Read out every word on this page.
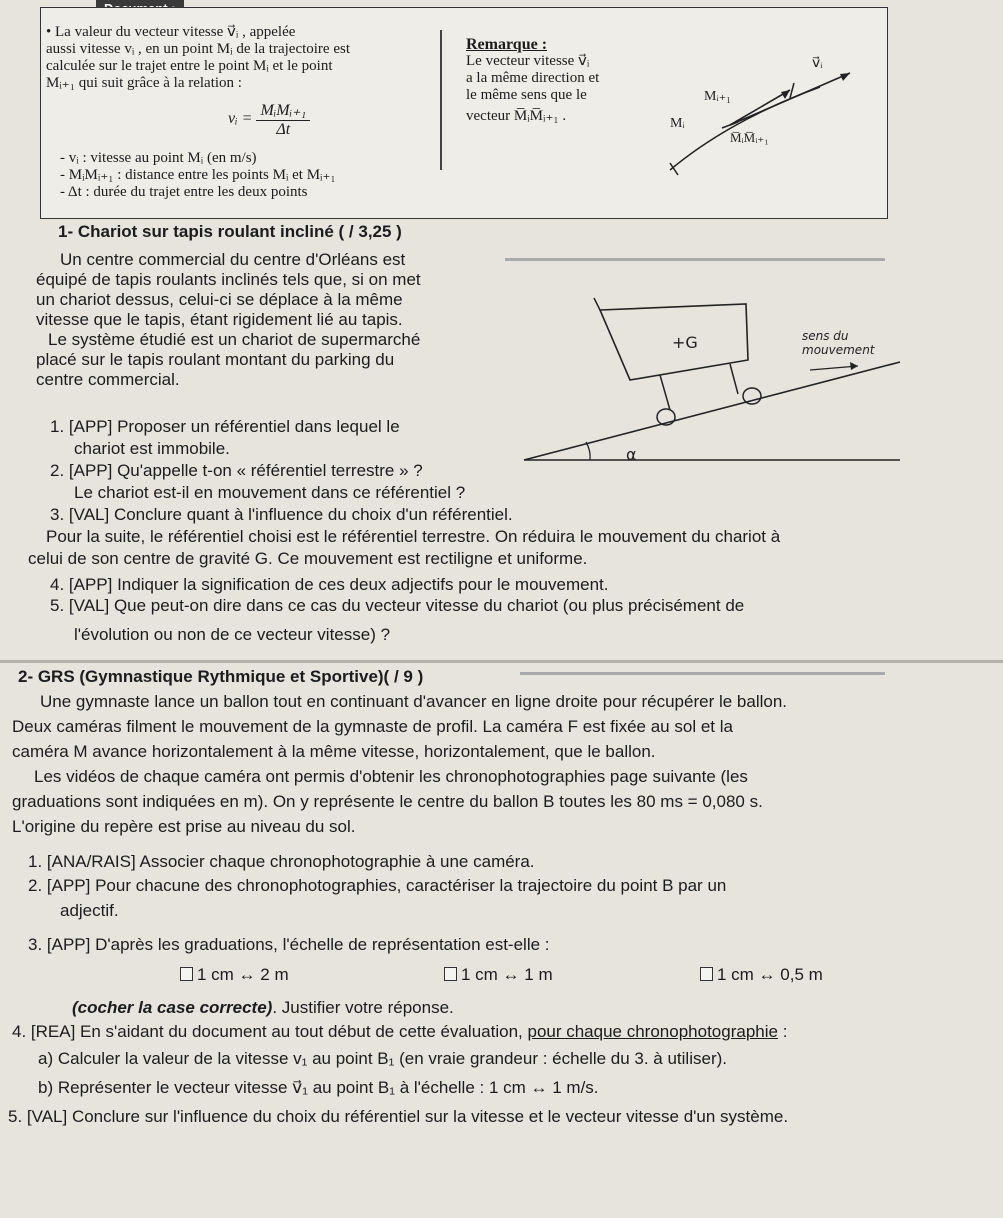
• La valeur du vecteur vitesse v⃗ᵢ , appelée
aussi vitesse vᵢ , en un point Mᵢ de la trajectoire est
calculée sur le trajet entre le point Mᵢ et le point
Mᵢ₊₁ qui suit grâce à la relation :
vᵢ = $\frac{\text{MᵢMᵢ₊₁}}{\Delta t}$
- vᵢ : vitesse au point Mᵢ (en m/s)
- MᵢMᵢ₊₁ : distance entre les points Mᵢ et Mᵢ₊₁
- Δt : durée du trajet entre les deux points
Remarque :
Le vecteur vitesse v⃗ᵢ
a la même direction et
le même sens que le
vecteur M̅ᵢM̅ᵢ₊₁ .
v⃗ᵢ
Mᵢ₊₁
Mᵢ
M̅ᵢM̅ᵢ₊₁
1- Chariot sur tapis roulant incliné ( / 3,25 )
Un centre commercial du centre d'Orléans est
équipé de tapis roulants inclinés tels que, si on met
un chariot dessus, celui-ci se déplace à la même
vitesse que le tapis, étant rigidement lié au tapis.
Le système étudié est un chariot de supermarché
placé sur le tapis roulant montant du parking du
centre commercial.
1. [APP] Proposer un référentiel dans lequel le
chariot est immobile.
2. [APP] Qu'appelle t-on « référentiel terrestre » ?
Le chariot est-il en mouvement dans ce référentiel ?
3. [VAL] Conclure quant à l'influence du choix d'un référentiel.
Pour la suite, le référentiel choisi est le référentiel terrestre. On réduira le mouvement du chariot à
celui de son centre de gravité G. Ce mouvement est rectiligne et uniforme.
4. [APP] Indiquer la signification de ces deux adjectifs pour le mouvement.
5. [VAL] Que peut-on dire dans ce cas du vecteur vitesse du chariot (ou plus précisément de
l'évolution ou non de ce vecteur vitesse) ?
α
+G	sens du
mouvement
2- GRS (Gymnastique Rythmique et Sportive)( / 9 )
Une gymnaste lance un ballon tout en continuant d'avancer en ligne droite pour récupérer le ballon.
Deux caméras filment le mouvement de la gymnaste de profil. La caméra F est fixée au sol et la
caméra M avance horizontalement à la même vitesse, horizontalement, que le ballon.
Les vidéos de chaque caméra ont permis d'obtenir les chronophotographies page suivante (les
graduations sont indiquées en m). On y représente le centre du ballon B toutes les 80 ms = 0,080 s.
L'origine du repère est prise au niveau du sol.
1. [ANA/RAIS] Associer chaque chronophotographie à une caméra.
2. [APP] Pour chacune des chronophotographies, caractériser la trajectoire du point B par un
adjectif.
3. [APP] D'après les graduations, l'échelle de représentation est-elle :
1 cm ↔ 2 m	1 cm ↔ 1 m	1 cm ↔ 0,5 m
(cocher la case correcte). Justifier votre réponse.
4. [REA] En s'aidant du document au tout début de cette évaluation, pour chaque chronophotographie :
a) Calculer la valeur de la vitesse v₁ au point B₁ (en vraie grandeur : échelle du 3. à utiliser).
b) Représenter le vecteur vitesse v⃗₁ au point B₁ à l'échelle : 1 cm ↔ 1 m/s.
5. [VAL] Conclure sur l'influence du choix du référentiel sur la vitesse et le vecteur vitesse d'un système.
